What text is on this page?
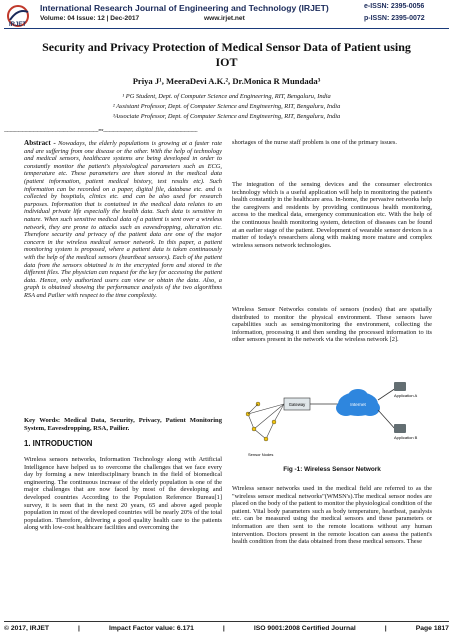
IRJET
International Research Journal of Engineering and Technology (IRJET)
Volume: 04 Issue: 12 | Dec-2017	www.irjet.net
e-ISSN: 2395-0056
p-ISSN: 2395-0072
Security and Privacy Protection of Medical Sensor Data of Patient using IOT
Priya J¹, MeeraDevi A.K.², Dr.Monica R Mundada³
¹ PG Student, Dept. of Computer Science and Engineering, RIT, Bengaluru, India
² Assistant Professor, Dept. of Computer Science and Engineering, RIT, Bengaluru, India
³Associate Professor, Dept. of Computer Science and Engineering, RIT, Bengaluru, India
---------------------------------------------------------------------***---------------------------------------------------------------------
Abstract - Nowadays, the elderly populations is growing at a faster rate and are suffering from one disease or the other. With the help of technology and medical sensors, healthcare systems are being developed in order to constantly monitor the patient's physiological parameters such as ECG, temperature etc. These parameters are then stored in the medical data (patient information, patient medical history, test results etc). Such information can be recorded on a paper, digital file, database etc. and is collected by hospitals, clinics etc. and can be also used for research purposes. Information that is contained in the medical data relates to an individual private life especially the health data. Such data is sensitive in nature. When such sensitive medical data of a patient is sent over a wireless network, they are prone to attacks such as eavesdropping, alteration etc. Therefore security and privacy of the patient data are one of the major concern in the wireless medical sensor network. In this paper, a patient monitoring system is proposed, where a patient data is taken continuously with the help of the medical sensors (heartbeat sensors). Each of the patient data from the sensors obtained is in the encrypted form and stored in the different files. The physician can request for the key for accessing the patient data. Hence, only authorized users can view or obtain the data. Also, a graph is obtained showing the performance analysis of the two algorithms RSA and Pailier with respect to the time complexity.
Key Words: Medical Data, Security, Privacy, Patient Monitoring System, Eavesdropping, RSA, Pailier.
1. INTRODUCTION
Wireless sensors networks, Information Technology along with Artificial Intelligence have helped us to overcome the challenges that we face every day by forming a new interdisciplinary branch in the field of biomedical engineering. The continuous increase of the elderly population is one of the major challenges that are now faced by most of the developing and developed countries According to the Population Reference Bureau[1] survey, it is seen that in the next 20 years, 65 and above aged people population in most of the developed countries will be nearly 20% of the total population. Therefore, delivering a good quality health care to the patients along with low-cost healthcare facilities and overcoming the
shortages of the nurse staff problem is one of the primary issues.
The integration of the sensing devices and the consumer electronics technology which is a useful application will help in monitoring the patient's health constantly in the healthcare area. In-home, the pervasive networks help the caregivers and residents by providing continuous health monitoring, access to the medical data, emergency communication etc. With the help of the continuous health monitoring system, detection of diseases can be found at an earlier stage of the patient. Development of wearable sensor devices is a matter of today's researchers along with making more mature and complex wireless sensors network technologies.
Wireless Sensor Networks consists of sensors (nodes) that are spatially distributed to monitor the physical environment. These sensors have capabilities such as sensing/monitoring the environment, collecting the information, processing it and then sending the processed information to its other sensors present in the network via the wireless network [2].
Gateway	Internet
Application A
Application B
Sensor Nodes
Fig -1: Wireless Sensor Network
Wireless sensor networks used in the medical field are referred to as the "wireless sensor medical networks"(WMSN's).The medical sensor nodes are placed on the body of the patient to monitor the physiological condition of the patient. Vital body parameters such as body temperature, heartbeat, paralysis etc. can be measured using the medical sensors and these parameters or information are then sent to the remote locations without any human intervention. Doctors present in the remote location can assess the patient's health condition from the data obtained from these medical sensors. These
© 2017, IRJET	|	Impact Factor value: 6.171	|	ISO 9001:2008 Certified Journal	|	Page 1817
